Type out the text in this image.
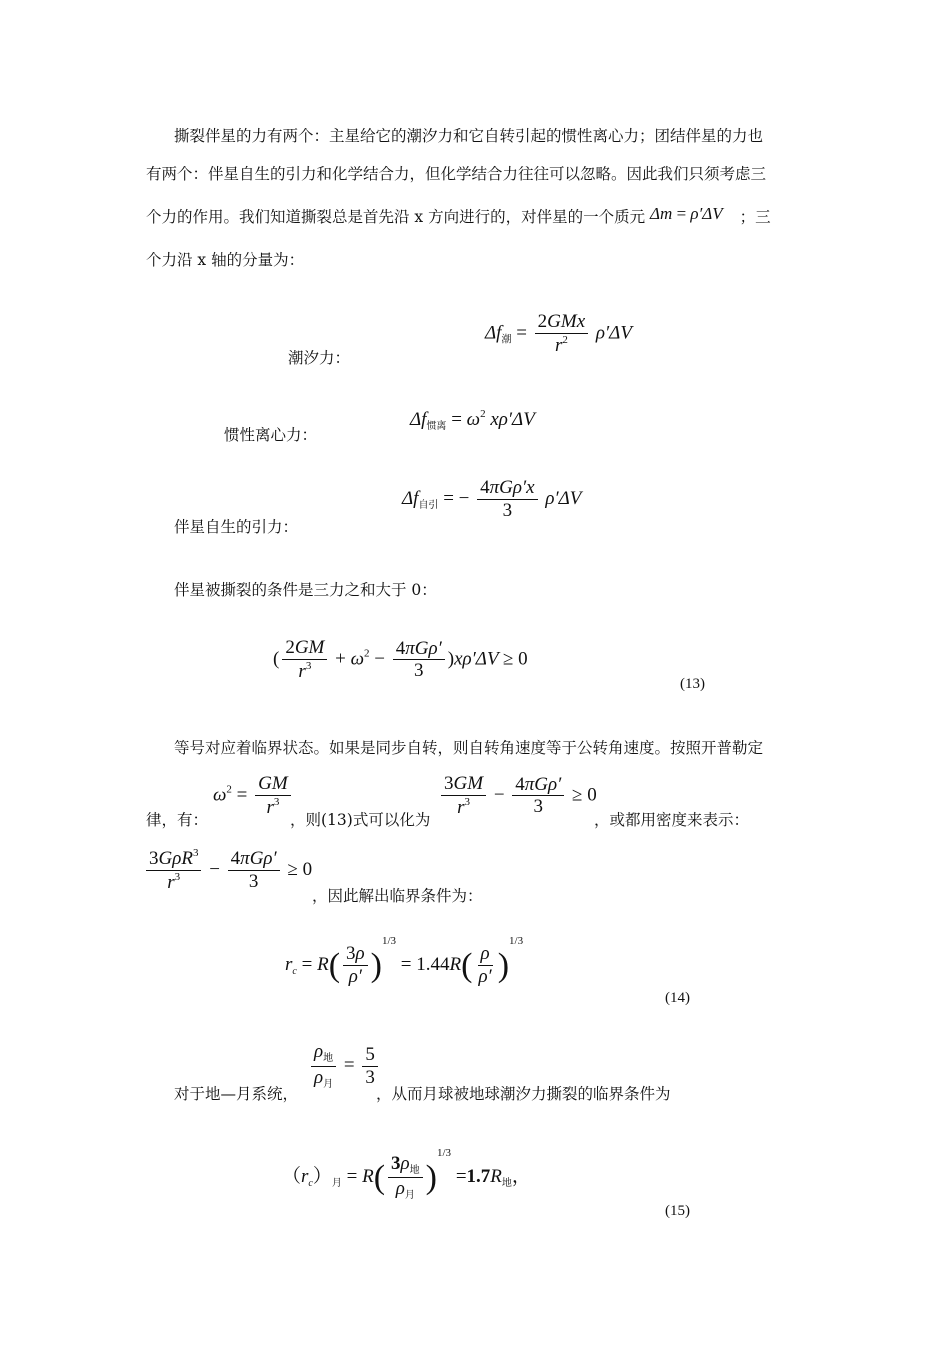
撕裂伴星的力有两个：主星给它的潮汐力和它自转引起的惯性离心力；团结伴星的力也
有两个：伴星自生的引力和化学结合力，但化学结合力往往可以忽略。因此我们只须考虑三
个力的作用。我们知道撕裂总是首先沿 x 方向进行的，对伴星的一个质元 Δm = ρ′ΔV ；三
个力沿 x 轴的分量为：
潮汐力：
$\Delta f_潮 = \frac{\text{2GMx}}{r^2} \rho'\Delta V$
惯性离心力：
$\Delta f_{惯离} = \omega^2$ xρ′ΔV
伴星自生的引力：
$\Delta f_{自引}$ = − $\frac{\text{4πGρ′x}}{3} \rho'\Delta V$
伴星被撕裂的条件是三力之和大于 0：
( $\frac{2GM}{r^3} + \omega^2 - \frac{\text{4πGρ′}}{3} )x\rho'\Delta V \ge 0$
(13)
等号对应着临界状态。如果是同步自转，则自转角速度等于公转角速度。按照开普勒定
律，有：
$\omega^2 = \frac{GM}{r^3}$
，则(13)式可以化为
$\frac{3GM}{r^3} - \frac{\text{4πGρ′}}{3} \ge 0$
，或都用密度来表示：
$\frac{3G\rho R^3}{r^3} - \frac{\text{4πGρ′}}{3} \ge 0$
，因此解出临界条件为：
$r_c = R( \frac{3\rho}{\rho'} )^{1/3} = 1.44R( \frac{\rho}{\rho'} )^{1/3}$
(14)
对于地—月系统，
$\frac{\rho_地}{\rho_月} = \frac{5}{3}$
，从而月球被地球潮汐力撕裂的临界条件为
$(r_c)_月 = R( \frac{3\rho_地}{\rho_月} )^{1/3} =1.7R_地$，
(15)
